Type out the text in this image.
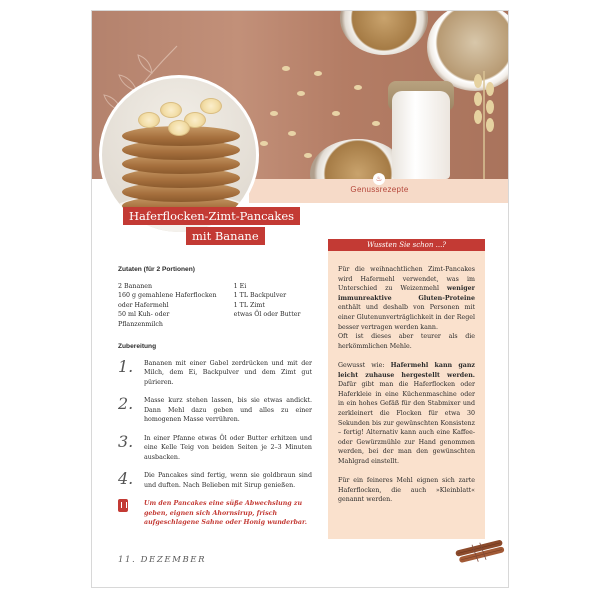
♨
Genussrezepte
Haferflocken-Zimt-Pancakes
mit Banane
Zutaten (für 2 Portionen)
2 Bananen
160 g gemahlene Haferflocken
oder Hafermehl
50 ml Kuh- oder
Pflanzenmilch
1 Ei
1 TL Backpulver
1 TL Zimt
etwas Öl oder Butter
Zubereitung
1.	Bananen mit einer Gabel zerdrücken und mit der Milch, dem Ei, Backpulver und dem Zimt gut pürieren.
2.	Masse kurz stehen lassen, bis sie etwas andickt. Dann Mehl dazu geben und alles zu einer homogenen Masse verrühren.
3.	In einer Pfanne etwas Öl oder Butter erhitzen und eine Kelle Teig von beiden Seiten je 2–3 Minuten ausbacken.
4.	Die Pancakes sind fertig, wenn sie goldbraun sind und duften. Nach Belieben mit Sirup genießen.
Um den Pancakes eine süße Abwechslung zu geben, eignen sich Ahornsirup, frisch aufgeschlagene Sahne oder Honig wunderbar.
Wussten Sie schon ...?

Für die weihnachtlichen Zimt-Pancakes wird Hafermehl verwendet, was im Unterschied zu Weizenmehl weniger immunreaktive Gluten-Proteine enthält und deshalb von Personen mit einer Glutenunverträglichkeit in der Regel besser vertragen werden kann.
Oft ist dieses aber teurer als die herkömmlichen Mehle.

Gewusst wie: Hafermehl kann ganz leicht zuhause hergestellt werden. Dafür gibt man die Haferflocken oder Haferkleie in eine Küchenmaschine oder in ein hohes Gefäß für den Stabmixer und zerkleinert die Flocken für etwa 30 Sekunden bis zur gewünschten Konsistenz – fertig! Alternativ kann auch eine Kaffee- oder Gewürzmühle zur Hand genommen werden, bei der man den gewünschten Mahlgrad einstellt.

Für ein feineres Mehl eignen sich zarte Haferflocken, die auch »Kleinblatt« genannt werden.

11. DEZEMBER
